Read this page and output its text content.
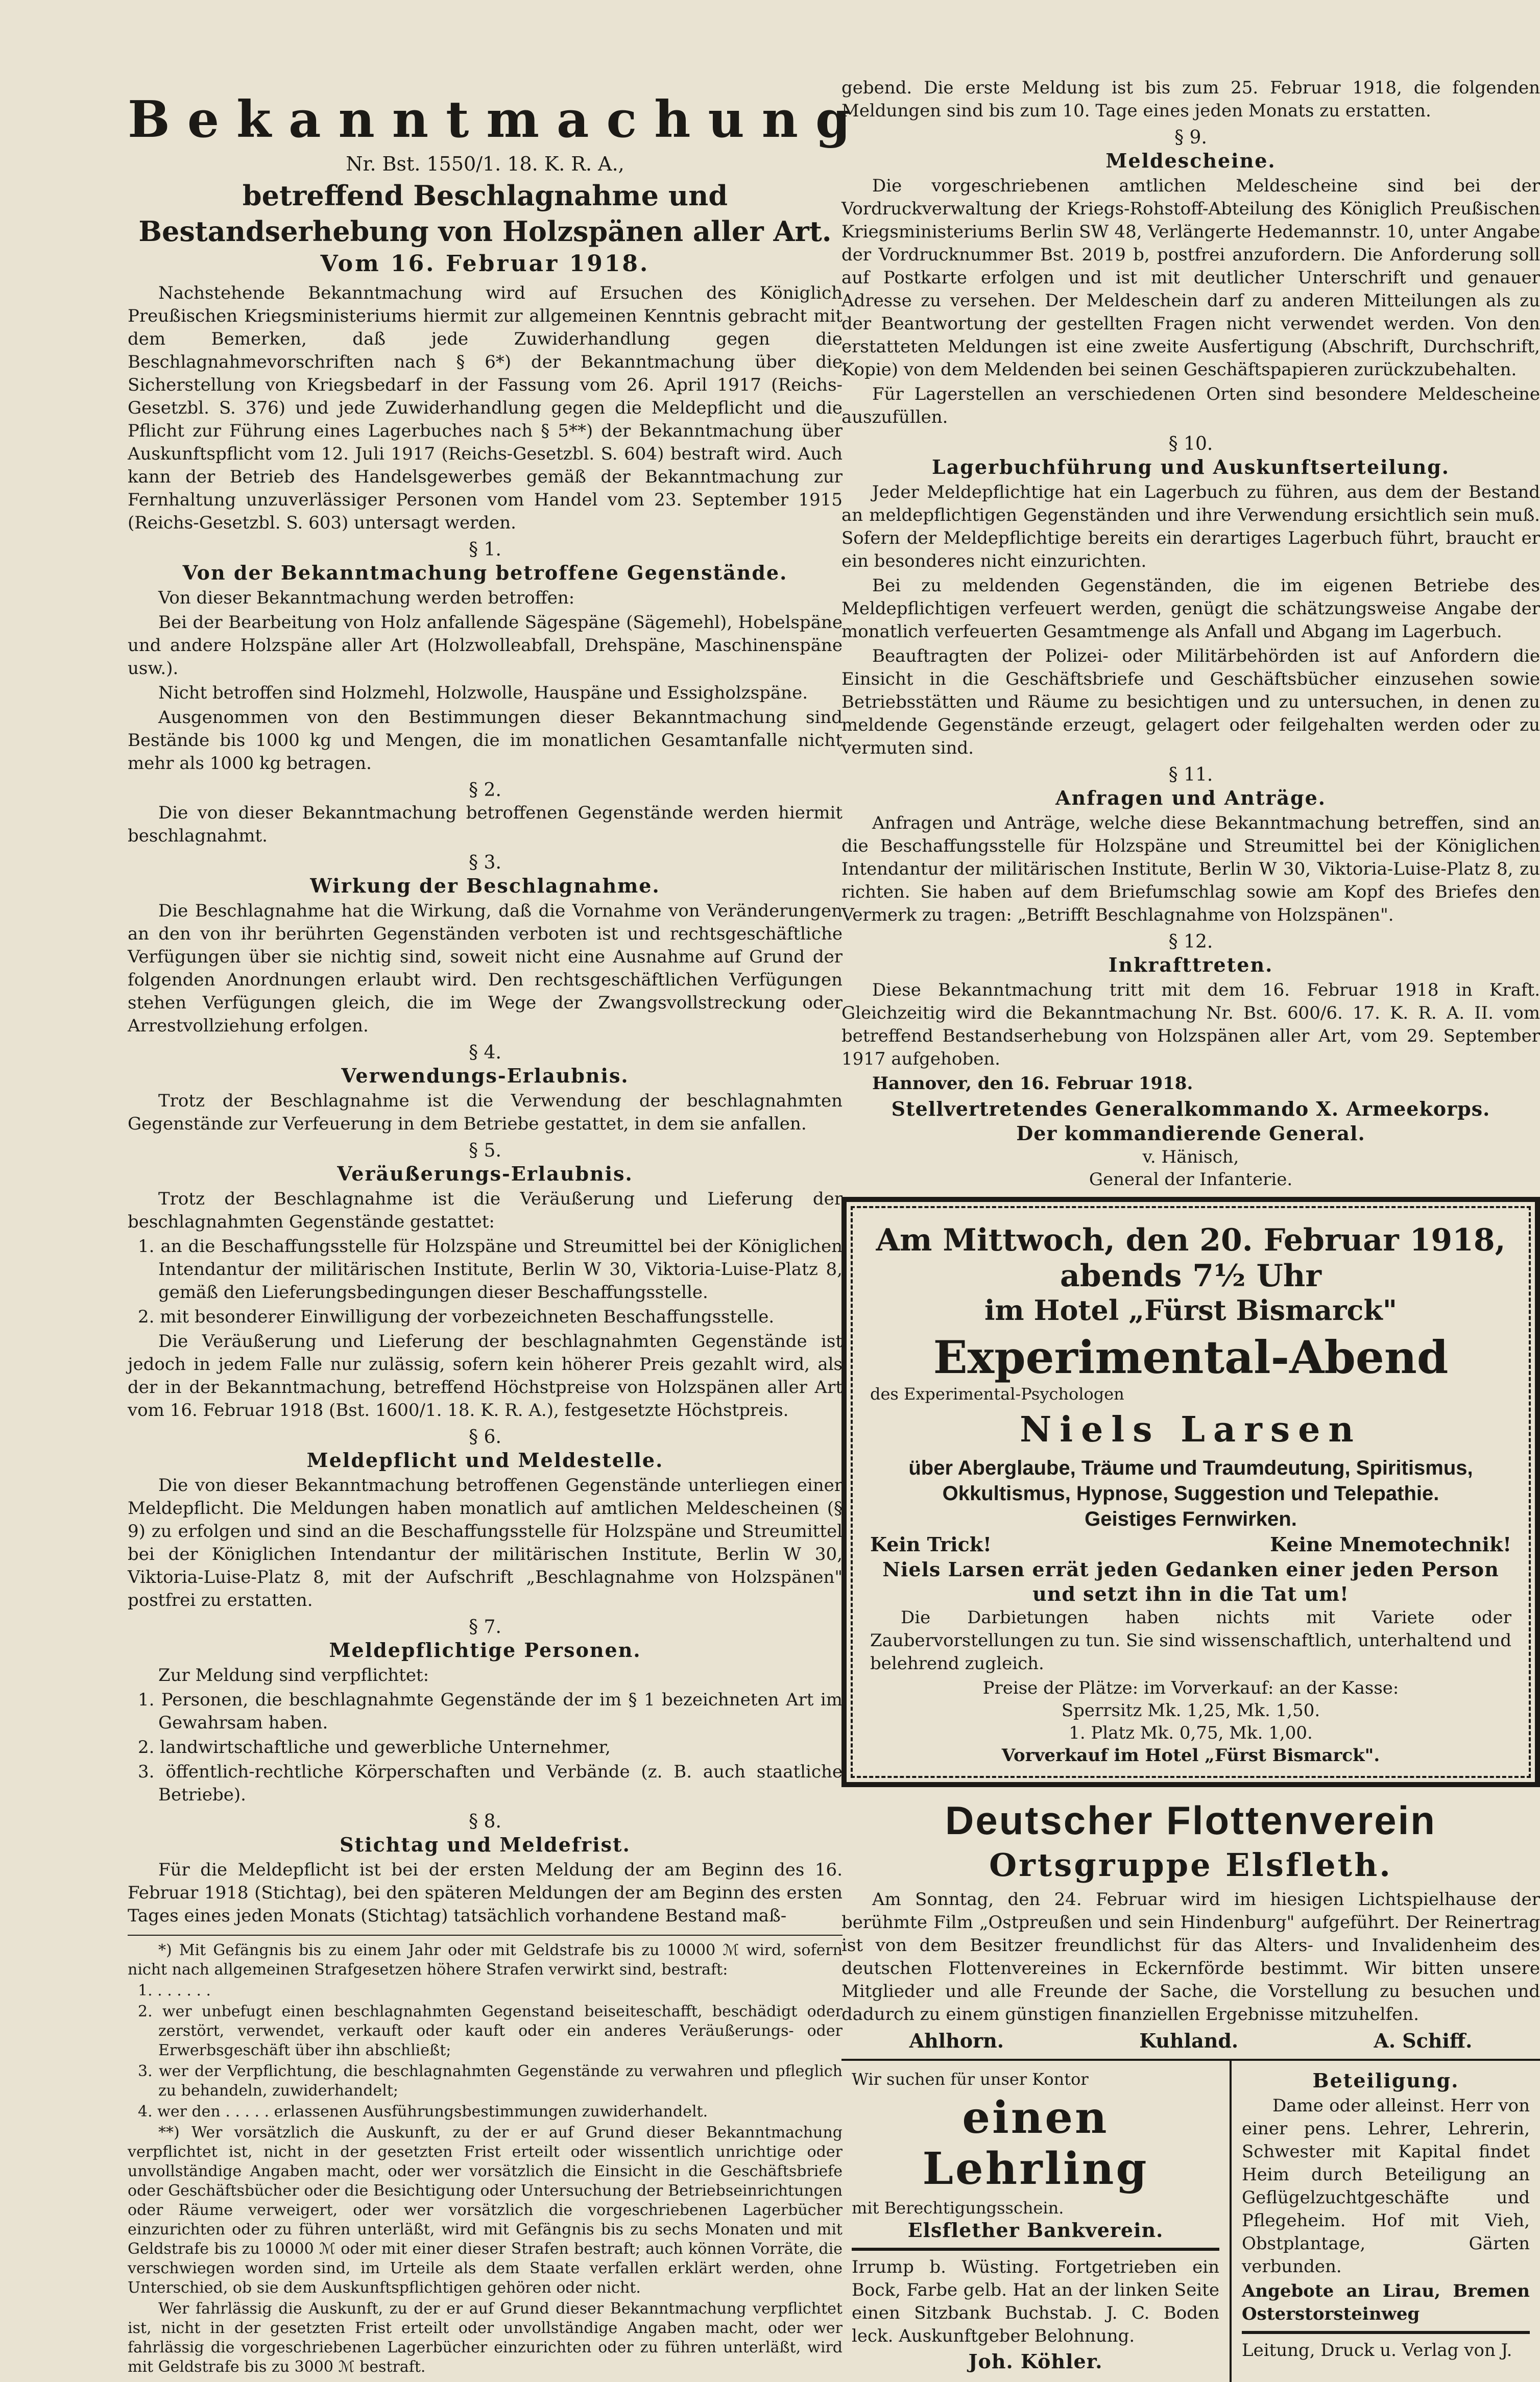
Bekanntmachung
Nr. Bst. 1550/1. 18. K. R. A.,
betreffend Beschlagnahme und Bestandserhebung von Holzspänen aller Art.
Vom 16. Februar 1918.

Nachstehende Bekanntmachung wird auf Ersuchen des Königlich Preußischen Kriegsministeriums hiermit zur allgemeinen Kenntnis gebracht mit dem Bemerken, daß jede Zuwiderhandlung gegen die Beschlagnahmevorschriften nach § 6*) der Bekanntmachung über die Sicherstellung von Kriegsbedarf in der Fassung vom 26. April 1917 (Reichs-Gesetzbl. S. 376) und jede Zuwiderhandlung gegen die Meldepflicht und die Pflicht zur Führung eines Lagerbuches nach § 5**) der Bekanntmachung über Auskunftspflicht vom 12. Juli 1917 (Reichs-Gesetzbl. S. 604) bestraft wird. Auch kann der Betrieb des Handelsgewerbes gemäß der Bekanntmachung zur Fernhaltung unzuverlässiger Personen vom Handel vom 23. September 1915 (Reichs-Gesetzbl. S. 603) untersagt werden.

§ 1.
Von der Bekanntmachung betroffene Gegenstände.

Von dieser Bekanntmachung werden betroffen:

Bei der Bearbeitung von Holz anfallende Sägespäne (Sägemehl), Hobelspäne und andere Holzspäne aller Art (Holzwolleabfall, Drehspäne, Maschinenspäne usw.).

Nicht betroffen sind Holzmehl, Holzwolle, Hauspäne und Essigholzspäne.

Ausgenommen von den Bestimmungen dieser Bekanntmachung sind Bestände bis 1000 kg und Mengen, die im monatlichen Gesamtanfalle nicht mehr als 1000 kg betragen.

§ 2.

Die von dieser Bekanntmachung betroffenen Gegenstände werden hiermit beschlagnahmt.

§ 3.
Wirkung der Beschlagnahme.

Die Beschlagnahme hat die Wirkung, daß die Vornahme von Veränderungen an den von ihr berührten Gegenständen verboten ist und rechtsgeschäftliche Verfügungen über sie nichtig sind, soweit nicht eine Ausnahme auf Grund der folgenden Anordnungen erlaubt wird. Den rechtsgeschäftlichen Verfügungen stehen Verfügungen gleich, die im Wege der Zwangsvollstreckung oder Arrestvollziehung erfolgen.

§ 4.
Verwendungs-Erlaubnis.

Trotz der Beschlagnahme ist die Verwendung der beschlagnahmten Gegenstände zur Verfeuerung in dem Betriebe gestattet, in dem sie anfallen.

§ 5.
Veräußerungs-Erlaubnis.

Trotz der Beschlagnahme ist die Veräußerung und Lieferung der beschlagnahmten Gegenstände gestattet:

1. an die Beschaffungsstelle für Holzspäne und Streumittel bei der Königlichen Intendantur der militärischen Institute, Berlin W 30, Viktoria-Luise-Platz 8, gemäß den Lieferungsbedingungen dieser Beschaffungsstelle.

2. mit besonderer Einwilligung der vorbezeichneten Beschaffungsstelle.

Die Veräußerung und Lieferung der beschlagnahmten Gegenstände ist jedoch in jedem Falle nur zulässig, sofern kein höherer Preis gezahlt wird, als der in der Bekanntmachung, betreffend Höchstpreise von Holzspänen aller Art vom 16. Februar 1918 (Bst. 1600/1. 18. K. R. A.), festgesetzte Höchstpreis.

§ 6.
Meldepflicht und Meldestelle.

Die von dieser Bekanntmachung betroffenen Gegenstände unterliegen einer Meldepflicht. Die Meldungen haben monatlich auf amtlichen Meldescheinen (§ 9) zu erfolgen und sind an die Beschaffungsstelle für Holzspäne und Streumittel bei der Königlichen Intendantur der militärischen Institute, Berlin W 30, Viktoria-Luise-Platz 8, mit der Aufschrift „Beschlagnahme von Holzspänen" postfrei zu erstatten.

§ 7.
Meldepflichtige Personen.

Zur Meldung sind verpflichtet:

1. Personen, die beschlagnahmte Gegenstände der im § 1 bezeichneten Art im Gewahrsam haben.

2. landwirtschaftliche und gewerbliche Unternehmer,

3. öffentlich-rechtliche Körperschaften und Verbände (z. B. auch staatliche Betriebe).

§ 8.
Stichtag und Meldefrist.

Für die Meldepflicht ist bei der ersten Meldung der am Beginn des 16. Februar 1918 (Stichtag), bei den späteren Meldungen der am Beginn des ersten Tages eines jeden Monats (Stichtag) tatsächlich vorhandene Bestand maß-

*) Mit Gefängnis bis zu einem Jahr oder mit Geldstrafe bis zu 10000 ℳ wird, sofern nicht nach allgemeinen Strafgesetzen höhere Strafen verwirkt sind, bestraft:

1. . . . . . .

2. wer unbefugt einen beschlagnahmten Gegenstand beiseiteschafft, beschädigt oder zerstört, verwendet, verkauft oder kauft oder ein anderes Veräußerungs- oder Erwerbsgeschäft über ihn abschließt;

3. wer der Verpflichtung, die beschlagnahmten Gegenstände zu verwahren und pfleglich zu behandeln, zuwiderhandelt;

4. wer den . . . . . erlassenen Ausführungsbestimmungen zuwiderhandelt.

**) Wer vorsätzlich die Auskunft, zu der er auf Grund dieser Bekanntmachung verpflichtet ist, nicht in der gesetzten Frist erteilt oder wissentlich unrichtige oder unvollständige Angaben macht, oder wer vorsätzlich die Einsicht in die Geschäftsbriefe oder Geschäftsbücher oder die Besichtigung oder Untersuchung der Betriebseinrichtungen oder Räume verweigert, oder wer vorsätzlich die vorgeschriebenen Lagerbücher einzurichten oder zu führen unterläßt, wird mit Gefängnis bis zu sechs Monaten und mit Geldstrafe bis zu 10000 ℳ oder mit einer dieser Strafen bestraft; auch können Vorräte, die verschwiegen worden sind, im Urteile als dem Staate verfallen erklärt werden, ohne Unterschied, ob sie dem Auskunftspflichtigen gehören oder nicht.

Wer fahrlässig die Auskunft, zu der er auf Grund dieser Bekanntmachung verpflichtet ist, nicht in der gesetzten Frist erteilt oder unvollständige Angaben macht, oder wer fahrlässig die vorgeschriebenen Lagerbücher einzurichten oder zu führen unterläßt, wird mit Geldstrafe bis zu 3000 ℳ bestraft.

gebend. Die erste Meldung ist bis zum 25. Februar 1918, die folgenden Meldungen sind bis zum 10. Tage eines jeden Monats zu erstatten.

§ 9.
Meldescheine.

Die vorgeschriebenen amtlichen Meldescheine sind bei der Vordruckverwaltung der Kriegs-Rohstoff-Abteilung des Königlich Preußischen Kriegsministeriums Berlin SW 48, Verlängerte Hedemannstr. 10, unter Angabe der Vordrucknummer Bst. 2019 b, postfrei anzufordern. Die Anforderung soll auf Postkarte erfolgen und ist mit deutlicher Unterschrift und genauer Adresse zu versehen. Der Meldeschein darf zu anderen Mitteilungen als zu der Beantwortung der gestellten Fragen nicht verwendet werden. Von den erstatteten Meldungen ist eine zweite Ausfertigung (Abschrift, Durchschrift, Kopie) von dem Meldenden bei seinen Geschäftspapieren zurückzubehalten.

Für Lagerstellen an verschiedenen Orten sind besondere Meldescheine auszufüllen.

§ 10.
Lagerbuchführung und Auskunftserteilung.

Jeder Meldepflichtige hat ein Lagerbuch zu führen, aus dem der Bestand an meldepflichtigen Gegenständen und ihre Verwendung ersichtlich sein muß. Sofern der Meldepflichtige bereits ein derartiges Lagerbuch führt, braucht er ein besonderes nicht einzurichten.

Bei zu meldenden Gegenständen, die im eigenen Betriebe des Meldepflichtigen verfeuert werden, genügt die schätzungsweise Angabe der monatlich verfeuerten Gesamtmenge als Anfall und Abgang im Lagerbuch.

Beauftragten der Polizei- oder Militärbehörden ist auf Anfordern die Einsicht in die Geschäftsbriefe und Geschäftsbücher einzusehen sowie Betriebsstätten und Räume zu besichtigen und zu untersuchen, in denen zu meldende Gegenstände erzeugt, gelagert oder feilgehalten werden oder zu vermuten sind.

§ 11.
Anfragen und Anträge.

Anfragen und Anträge, welche diese Bekanntmachung betreffen, sind an die Beschaffungsstelle für Holzspäne und Streumittel bei der Königlichen Intendantur der militärischen Institute, Berlin W 30, Viktoria-Luise-Platz 8, zu richten. Sie haben auf dem Briefumschlag sowie am Kopf des Briefes den Vermerk zu tragen: „Betrifft Beschlagnahme von Holzspänen".

§ 12.
Inkrafttreten.

Diese Bekanntmachung tritt mit dem 16. Februar 1918 in Kraft. Gleichzeitig wird die Bekanntmachung Nr. Bst. 600/6. 17. K. R. A. II. vom betreffend Bestandserhebung von Holzspänen aller Art, vom 29. September 1917 aufgehoben.

Hannover, den 16. Februar 1918.

Stellvertretendes Generalkommando X. Armeekorps.
Der kommandierende General.
v. Hänisch,
General der Infanterie.
Am Mittwoch, den 20. Februar 1918, abends 7½ Uhr
im Hotel „Fürst Bismarck"
Experimental-Abend
des Experimental-Psychologen
Niels Larsen
über Aberglaube, Träume und Traumdeutung, Spiritismus,
Okkultismus, Hypnose, Suggestion und Telepathie.
Geistiges Fernwirken.
Kein Trick!	Keine Mnemotechnik!
Niels Larsen errät jeden Gedanken einer jeden Person
und setzt ihn in die Tat um!

Die Darbietungen haben nichts mit Variete oder Zaubervorstellungen zu tun. Sie sind wissenschaftlich, unterhaltend und belehrend zugleich.

Preise der Plätze: im Vorverkauf: an der Kasse:
Sperrsitz Mk. 1,25, Mk. 1,50.
1. Platz Mk. 0,75, Mk. 1,00.
Vorverkauf im Hotel „Fürst Bismarck".
Deutscher Flottenverein
Ortsgruppe Elsfleth.

Am Sonntag, den 24. Februar wird im hiesigen Lichtspielhause der berühmte Film „Ostpreußen und sein Hindenburg" aufgeführt. Der Reinertrag ist von dem Besitzer freundlichst für das Alters- und Invalidenheim des deutschen Flottenvereines in Eckernförde bestimmt. Wir bitten unsere Mitglieder und alle Freunde der Sache, die Vorstellung zu besuchen und dadurch zu einem günstigen finanziellen Ergebnisse mitzuhelfen.

Ahlhorn.	Kuhland.	A. Schiff.
Wir suchen für unser Kontor
einen Lehrling
mit Berechtigungsschein.
Elsflether Bankverein.

Irrump b. Wüsting. Fortgetrieben ein Bock, Farbe gelb. Hat an der linken Seite einen Sitzbank Buchstab. J. C. Boden leck. Auskunftgeber Belohnung.

Joh. Köhler.
Beteiligung.

Dame oder alleinst. Herr von einer pens. Lehrer, Lehrerin, Schwester mit Kapital findet Heim durch Beteiligung an Geflügelzuchtgeschäfte und Pflegeheim. Hof mit Vieh, Obstplantage, Gärten verbunden.

Angebote an Lirau, Bremen Osterstorsteinweg

Leitung, Druck u. Verlag von J.
